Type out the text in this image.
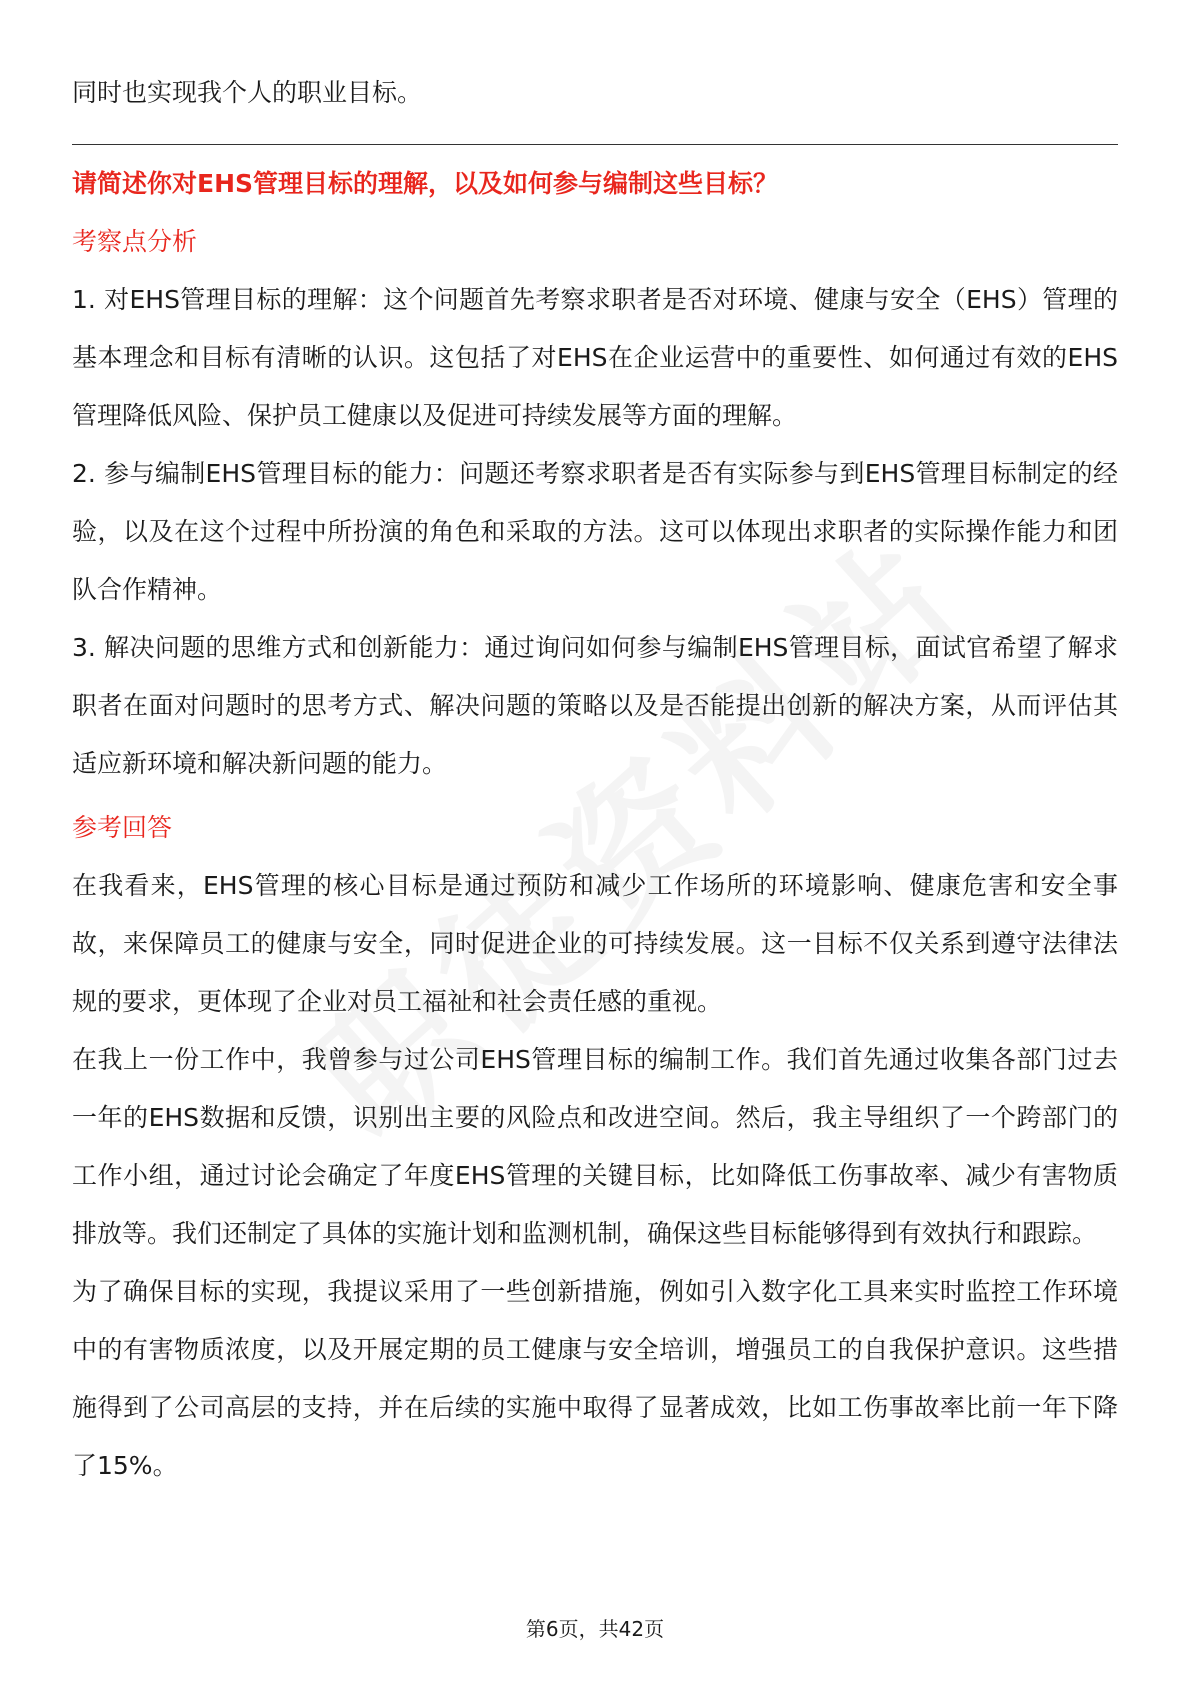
同时也实现我个人的职业目标。

请简述你对EHS管理目标的理解，以及如何参与编制这些目标？

考察点分析

1. 对EHS管理目标的理解：这个问题首先考察求职者是否对环境、健康与安全（EHS）管理的基本理念和目标有清晰的认识。这包括了对EHS在企业运营中的重要性、如何通过有效的EHS管理降低风险、保护员工健康以及促进可持续发展等方面的理解。

2. 参与编制EHS管理目标的能力：问题还考察求职者是否有实际参与到EHS管理目标制定的经验，以及在这个过程中所扮演的角色和采取的方法。这可以体现出求职者的实际操作能力和团队合作精神。

3. 解决问题的思维方式和创新能力：通过询问如何参与编制EHS管理目标，面试官希望了解求职者在面对问题时的思考方式、解决问题的策略以及是否能提出创新的解决方案，从而评估其适应新环境和解决新问题的能力。

参考回答

在我看来，EHS管理的核心目标是通过预防和减少工作场所的环境影响、健康危害和安全事故，来保障员工的健康与安全，同时促进企业的可持续发展。这一目标不仅关系到遵守法律法规的要求，更体现了企业对员工福祉和社会责任感的重视。

在我上一份工作中，我曾参与过公司EHS管理目标的编制工作。我们首先通过收集各部门过去一年的EHS数据和反馈，识别出主要的风险点和改进空间。然后，我主导组织了一个跨部门的工作小组，通过讨论会确定了年度EHS管理的关键目标，比如降低工伤事故率、减少有害物质排放等。我们还制定了具体的实施计划和监测机制，确保这些目标能够得到有效执行和跟踪。

为了确保目标的实现，我提议采用了一些创新措施，例如引入数字化工具来实时监控工作环境中的有害物质浓度，以及开展定期的员工健康与安全培训，增强员工的自我保护意识。这些措施得到了公司高层的支持，并在后续的实施中取得了显著成效，比如工伤事故率比前一年下降了15%。

第6页，共42页
